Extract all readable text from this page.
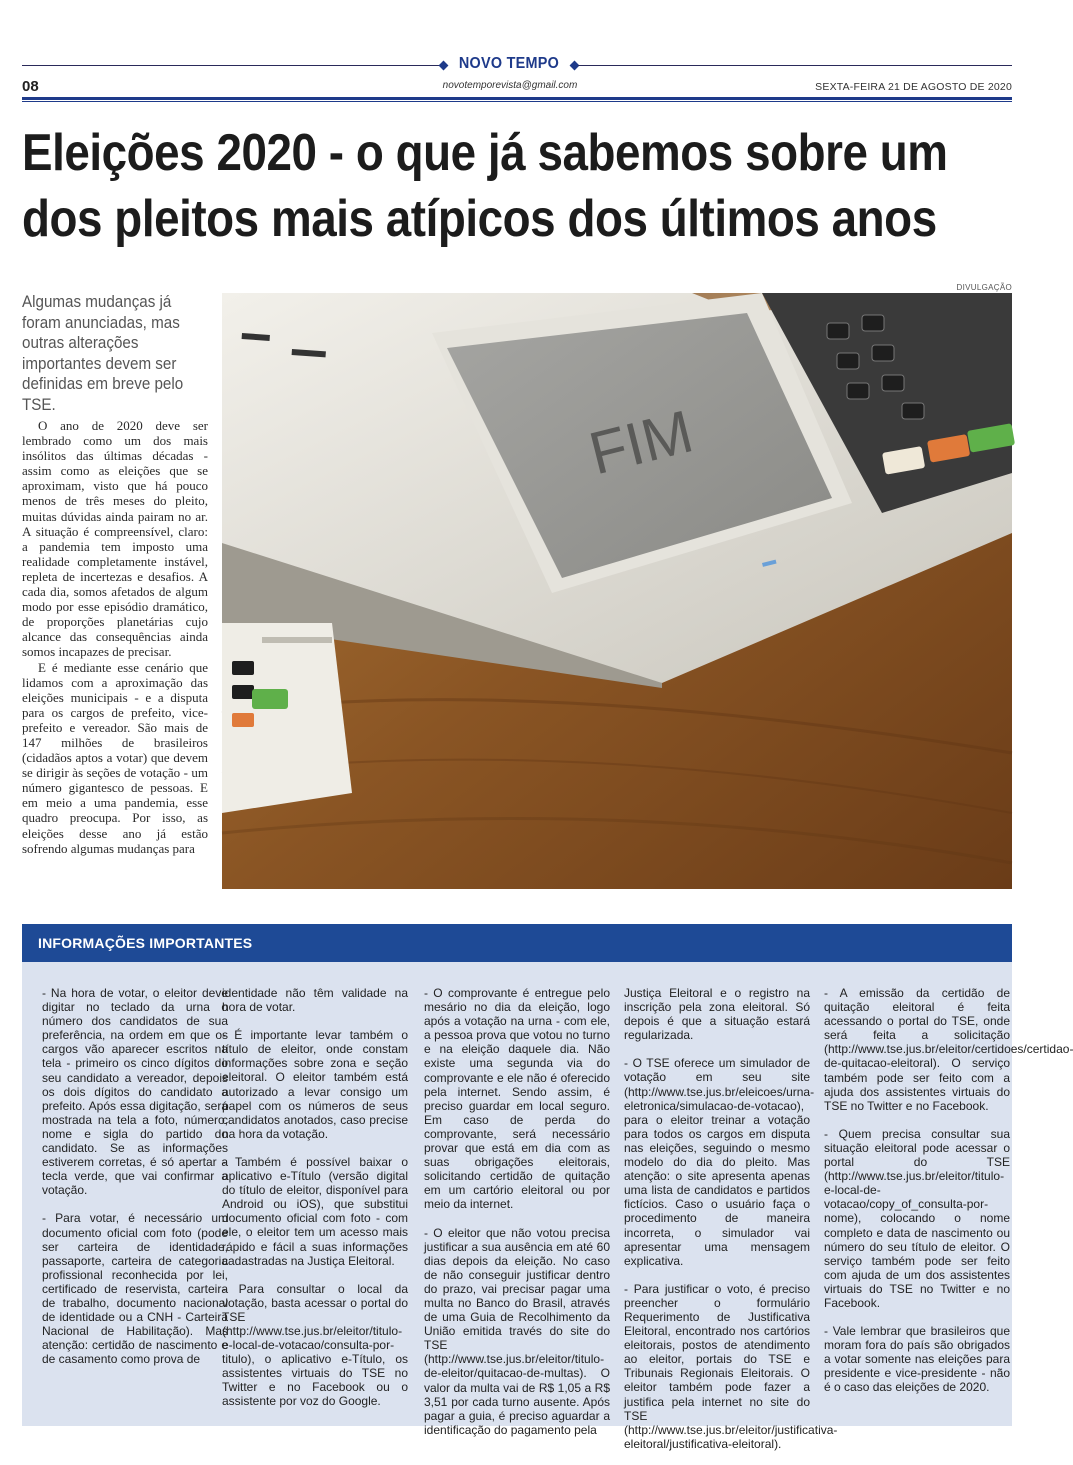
NOVO TEMPO
08	novotemporevista@gmail.com	SEXTA-FEIRA 21 DE AGOSTO DE 2020
Eleições 2020 - o que já sabemos sobre um
dos pleitos mais atípicos dos últimos anos
DIVULGAÇÃO
FIM
Algumas mudanças já foram anunciadas, mas outras alterações importantes devem ser definidas em breve pelo TSE.

O ano de 2020 deve ser lembrado como um dos mais insólitos das últimas décadas - assim como as eleições que se aproximam, visto que há pouco menos de três meses do pleito, muitas dúvidas ainda pairam no ar. A situação é compreensível, claro: a pandemia tem imposto uma realidade completamente instável, repleta de incertezas e desafios. A cada dia, somos afetados de algum modo por esse episódio dramático, de proporções planetárias cujo alcance das consequências ainda somos incapazes de precisar.

E é mediante esse cenário que lidamos com a aproximação das eleições municipais - e a disputa para os cargos de prefeito, vice-prefeito e vereador. São mais de 147 milhões de brasileiros (cidadãos aptos a votar) que devem se dirigir às seções de votação - um número gigantesco de pessoas. E em meio a uma pandemia, esse quadro preocupa. Por isso, as eleições desse ano já estão sofrendo algumas mudanças para

INFORMAÇÕES IMPORTANTES

- Na hora de votar, o eleitor deve digitar no teclado da urna o número dos candidatos de sua preferência, na ordem em que os cargos vão aparecer escritos na tela - primeiro os cinco dígitos do seu candidato a vereador, depois os dois dígitos do candidato a prefeito. Após essa digitação, será mostrada na tela a foto, número, nome e sigla do partido do candidato. Se as informações estiverem corretas, é só apertar a tecla verde, que vai confirmar a votação.

- Para votar, é necessário um documento oficial com foto (pode ser carteira de identidade, passaporte, carteira de categoria profissional reconhecida por lei, certificado de reservista, carteira de trabalho, documento nacional de identidade ou a CNH - Carteira Nacional de Habilitação). Mas atenção: certidão de nascimento e de casamento como prova de

identidade não têm validade na hora de votar.

- É importante levar também o título de eleitor, onde constam informações sobre zona e seção eleitoral. O eleitor também está autorizado a levar consigo um papel com os números de seus candidatos anotados, caso precise na hora da votação.

- Também é possível baixar o aplicativo e-Título (versão digital do título de eleitor, disponível para Android ou iOS), que substitui documento oficial com foto - com ele, o eleitor tem um acesso mais rápido e fácil a suas informações cadastradas na Justiça Eleitoral.

- Para consultar o local da votação, basta acessar o portal do TSE (http://www.tse.jus.br/eleitor/titulo-e-local-de-votacao/consulta-por-titulo), o aplicativo e-Título, os assistentes virtuais do TSE no Twitter e no Facebook ou o assistente por voz do Google.

- O comprovante é entregue pelo mesário no dia da eleição, logo após a votação na urna - com ele, a pessoa prova que votou no turno e na eleição daquele dia. Não existe uma segunda via do comprovante e ele não é oferecido pela internet. Sendo assim, é preciso guardar em local seguro. Em caso de perda do comprovante, será necessário provar que está em dia com as suas obrigações eleitorais, solicitando certidão de quitação em um cartório eleitoral ou por meio da internet.

- O eleitor que não votou precisa justificar a sua ausência em até 60 dias depois da eleição. No caso de não conseguir justificar dentro do prazo, vai precisar pagar uma multa no Banco do Brasil, através de uma Guia de Recolhimento da União emitida través do site do TSE (http://www.tse.jus.br/eleitor/titulo-de-eleitor/quitacao-de-multas). O valor da multa vai de R$ 1,05 a R$ 3,51 por cada turno ausente. Após pagar a guia, é preciso aguardar a identificação do pagamento pela

Justiça Eleitoral e o registro na inscrição pela zona eleitoral. Só depois é que a situação estará regularizada.

- O TSE oferece um simulador de votação em seu site (http://www.tse.jus.br/eleicoes/urna-eletronica/simulacao-de-votacao), para o eleitor treinar a votação para todos os cargos em disputa nas eleições, seguindo o mesmo modelo do dia do pleito. Mas atenção: o site apresenta apenas uma lista de candidatos e partidos fictícios. Caso o usuário faça o procedimento de maneira incorreta, o simulador vai apresentar uma mensagem explicativa.

- Para justificar o voto, é preciso preencher o formulário Requerimento de Justificativa Eleitoral, encontrado nos cartórios eleitorais, postos de atendimento ao eleitor, portais do TSE e Tribunais Regionais Eleitorais. O eleitor também pode fazer a justifica pela internet no site do TSE (http://www.tse.jus.br/eleitor/justificativa-eleitoral/justificativa-eleitoral).

- A emissão da certidão de quitação eleitoral é feita acessando o portal do TSE, onde será feita a solicitação (http://www.tse.jus.br/eleitor/certidoes/certidao-de-quitacao-eleitoral). O serviço também pode ser feito com a ajuda dos assistentes virtuais do TSE no Twitter e no Facebook.

- Quem precisa consultar sua situação eleitoral pode acessar o portal do TSE (http://www.tse.jus.br/eleitor/titulo-e-local-de-votacao/copy_of_consulta-por-nome), colocando o nome completo e data de nascimento ou número do seu título de eleitor. O serviço também pode ser feito com ajuda de um dos assistentes virtuais do TSE no Twitter e no Facebook.

- Vale lembrar que brasileiros que moram fora do país são obrigados a votar somente nas eleições para presidente e vice-presidente - não é o caso das eleições de 2020.
